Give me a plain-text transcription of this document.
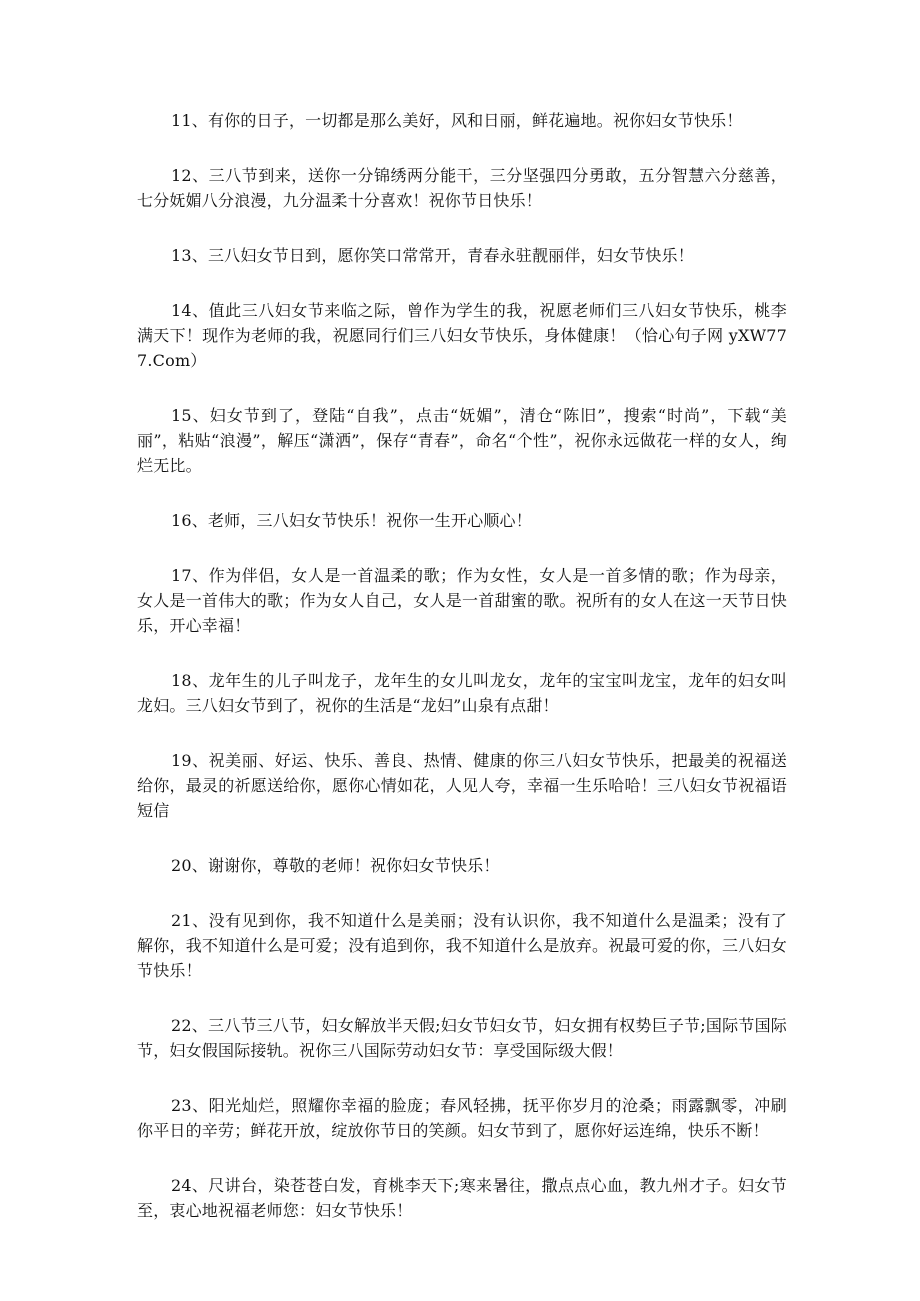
11、有你的日子，一切都是那么美好，风和日丽，鲜花遍地。祝你妇女节快乐！

12、三八节到来，送你一分锦绣两分能干，三分坚强四分勇敢，五分智慧六分慈善，七分妩媚八分浪漫，九分温柔十分喜欢！祝你节日快乐！

13、三八妇女节日到，愿你笑口常常开，青春永驻靓丽伴，妇女节快乐！

14、值此三八妇女节来临之际，曾作为学生的我，祝愿老师们三八妇女节快乐，桃李满天下！现作为老师的我，祝愿同行们三八妇女节快乐，身体健康！（恰心句子网 yXW777.Com）

15、妇女节到了，登陆“自我”，点击“妩媚”，清仓“陈旧”，搜索“时尚”，下载“美丽”，粘贴“浪漫”，解压“潇洒”，保存“青春”，命名“个性”，祝你永远做花一样的女人，绚烂无比。

16、老师，三八妇女节快乐！祝你一生开心顺心！

17、作为伴侣，女人是一首温柔的歌；作为女性，女人是一首多情的歌；作为母亲，女人是一首伟大的歌；作为女人自己，女人是一首甜蜜的歌。祝所有的女人在这一天节日快乐，开心幸福！

18、龙年生的儿子叫龙子，龙年生的女儿叫龙女，龙年的宝宝叫龙宝，龙年的妇女叫龙妇。三八妇女节到了，祝你的生活是“龙妇”山泉有点甜！

19、祝美丽、好运、快乐、善良、热情、健康的你三八妇女节快乐，把最美的祝福送给你，最灵的祈愿送给你，愿你心情如花，人见人夸，幸福一生乐哈哈！三八妇女节祝福语短信

20、谢谢你，尊敬的老师！祝你妇女节快乐！

21、没有见到你，我不知道什么是美丽；没有认识你，我不知道什么是温柔；没有了解你，我不知道什么是可爱；没有追到你，我不知道什么是放弃。祝最可爱的你，三八妇女节快乐！

22、三八节三八节，妇女解放半天假;妇女节妇女节，妇女拥有权势巨子节;国际节国际节，妇女假国际接轨。祝你三八国际劳动妇女节：享受国际级大假！

23、阳光灿烂，照耀你幸福的脸庞；春风轻拂，抚平你岁月的沧桑；雨露飘零，冲刷你平日的辛劳；鲜花开放，绽放你节日的笑颜。妇女节到了，愿你好运连绵，快乐不断！

24、尺讲台，染苍苍白发，育桃李天下;寒来暑往，撒点点心血，教九州才子。妇女节至，衷心地祝福老师您：妇女节快乐！
